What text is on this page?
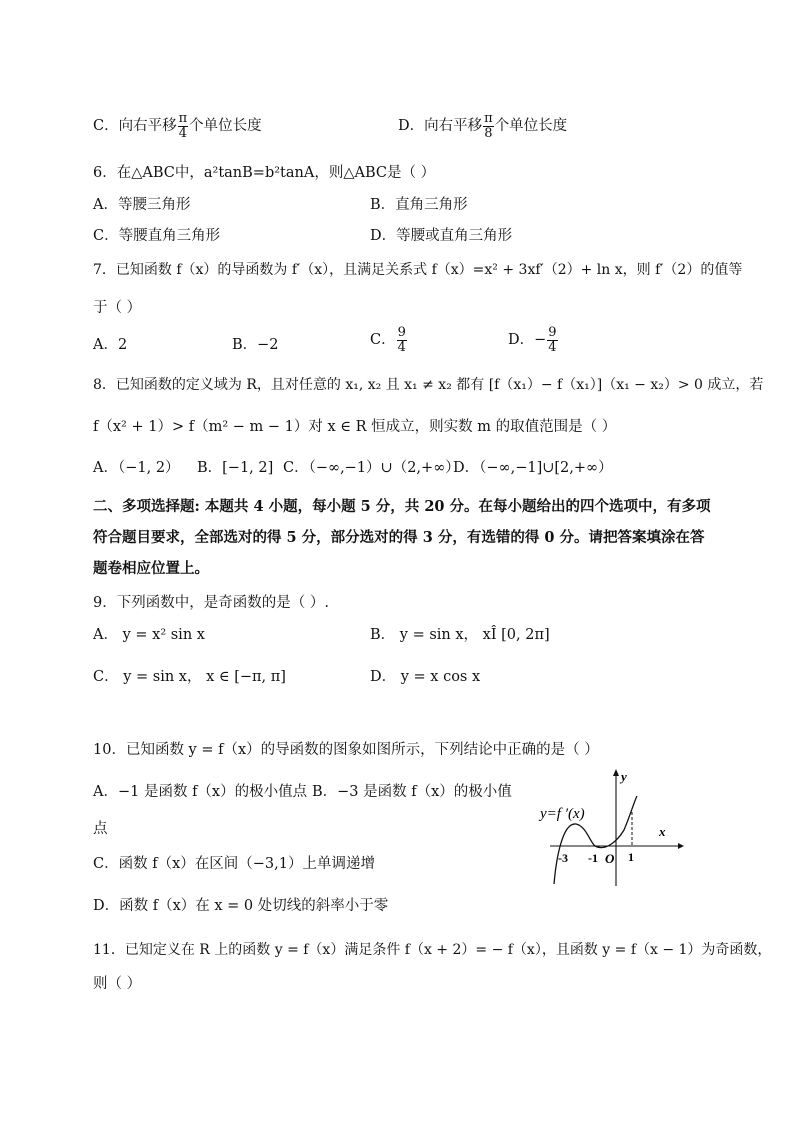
C．向右平移 $\frac{\pi}{4}$ 个单位长度	D．向右平移 $\frac{\pi}{8}$ 个单位长度
6．在△ABC中，a²tanB=b²tanA，则△ABC是（ ）
A．等腰三角形	B．直角三角形
C．等腰直角三角形	D．等腰或直角三角形
7．已知函数 f（x）的导函数为 f′（x），且满足关系式 f（x）=x² + 3xf′（2）+ ln x，则 f′（2）的值等
于（ ）
A．2	B．−2	C． $\frac{9}{4}$	D．− $\frac{9}{4}$
8．已知函数的定义域为 R，且对任意的 x₁, x₂ 且 x₁ ≠ x₂ 都有 [f（x₁）− f（x₁）]（x₁ − x₂）> 0 成立，若
f（x² + 1）> f（m² − m − 1）对 x ∈ R 恒成立，则实数 m 的取值范围是（ ）
A．（−1, 2） B．[−1, 2] C．（−∞,−1）∪（2,+∞）
D．（−∞,−1]∪[2,+∞）
二、多项选择题: 本题共 4 小题，每小题 5 分，共 20 分。在每小题给出的四个选项中，有多项
符合题目要求，全部选对的得 5 分，部分选对的得 3 分，有选错的得 0 分。请把答案填涂在答
题卷相应位置上。
9．下列函数中，是奇函数的是（ ）.
A． y = x² sin x	B． y = sin x， xÎ [0, 2π]
C． y = sin x， x ∈ [−π, π]	D． y = x cos x
10．已知函数 y = f（x）的导函数的图象如图所示，下列结论中正确的是（ ）
A．−1 是函数 f（x）的极小值点 B．−3 是函数 f（x）的极小值
点
C．函数 f（x）在区间（−3,1）上单调递增
D．函数 f（x）在 x = 0 处切线的斜率小于零
y=f ′(x)
y
x
-3 -1 O 1
11．已知定义在 R 上的函数 y = f（x）满足条件 f（x + 2）= − f（x），且函数 y = f（x − 1）为奇函数，
则（ ）
